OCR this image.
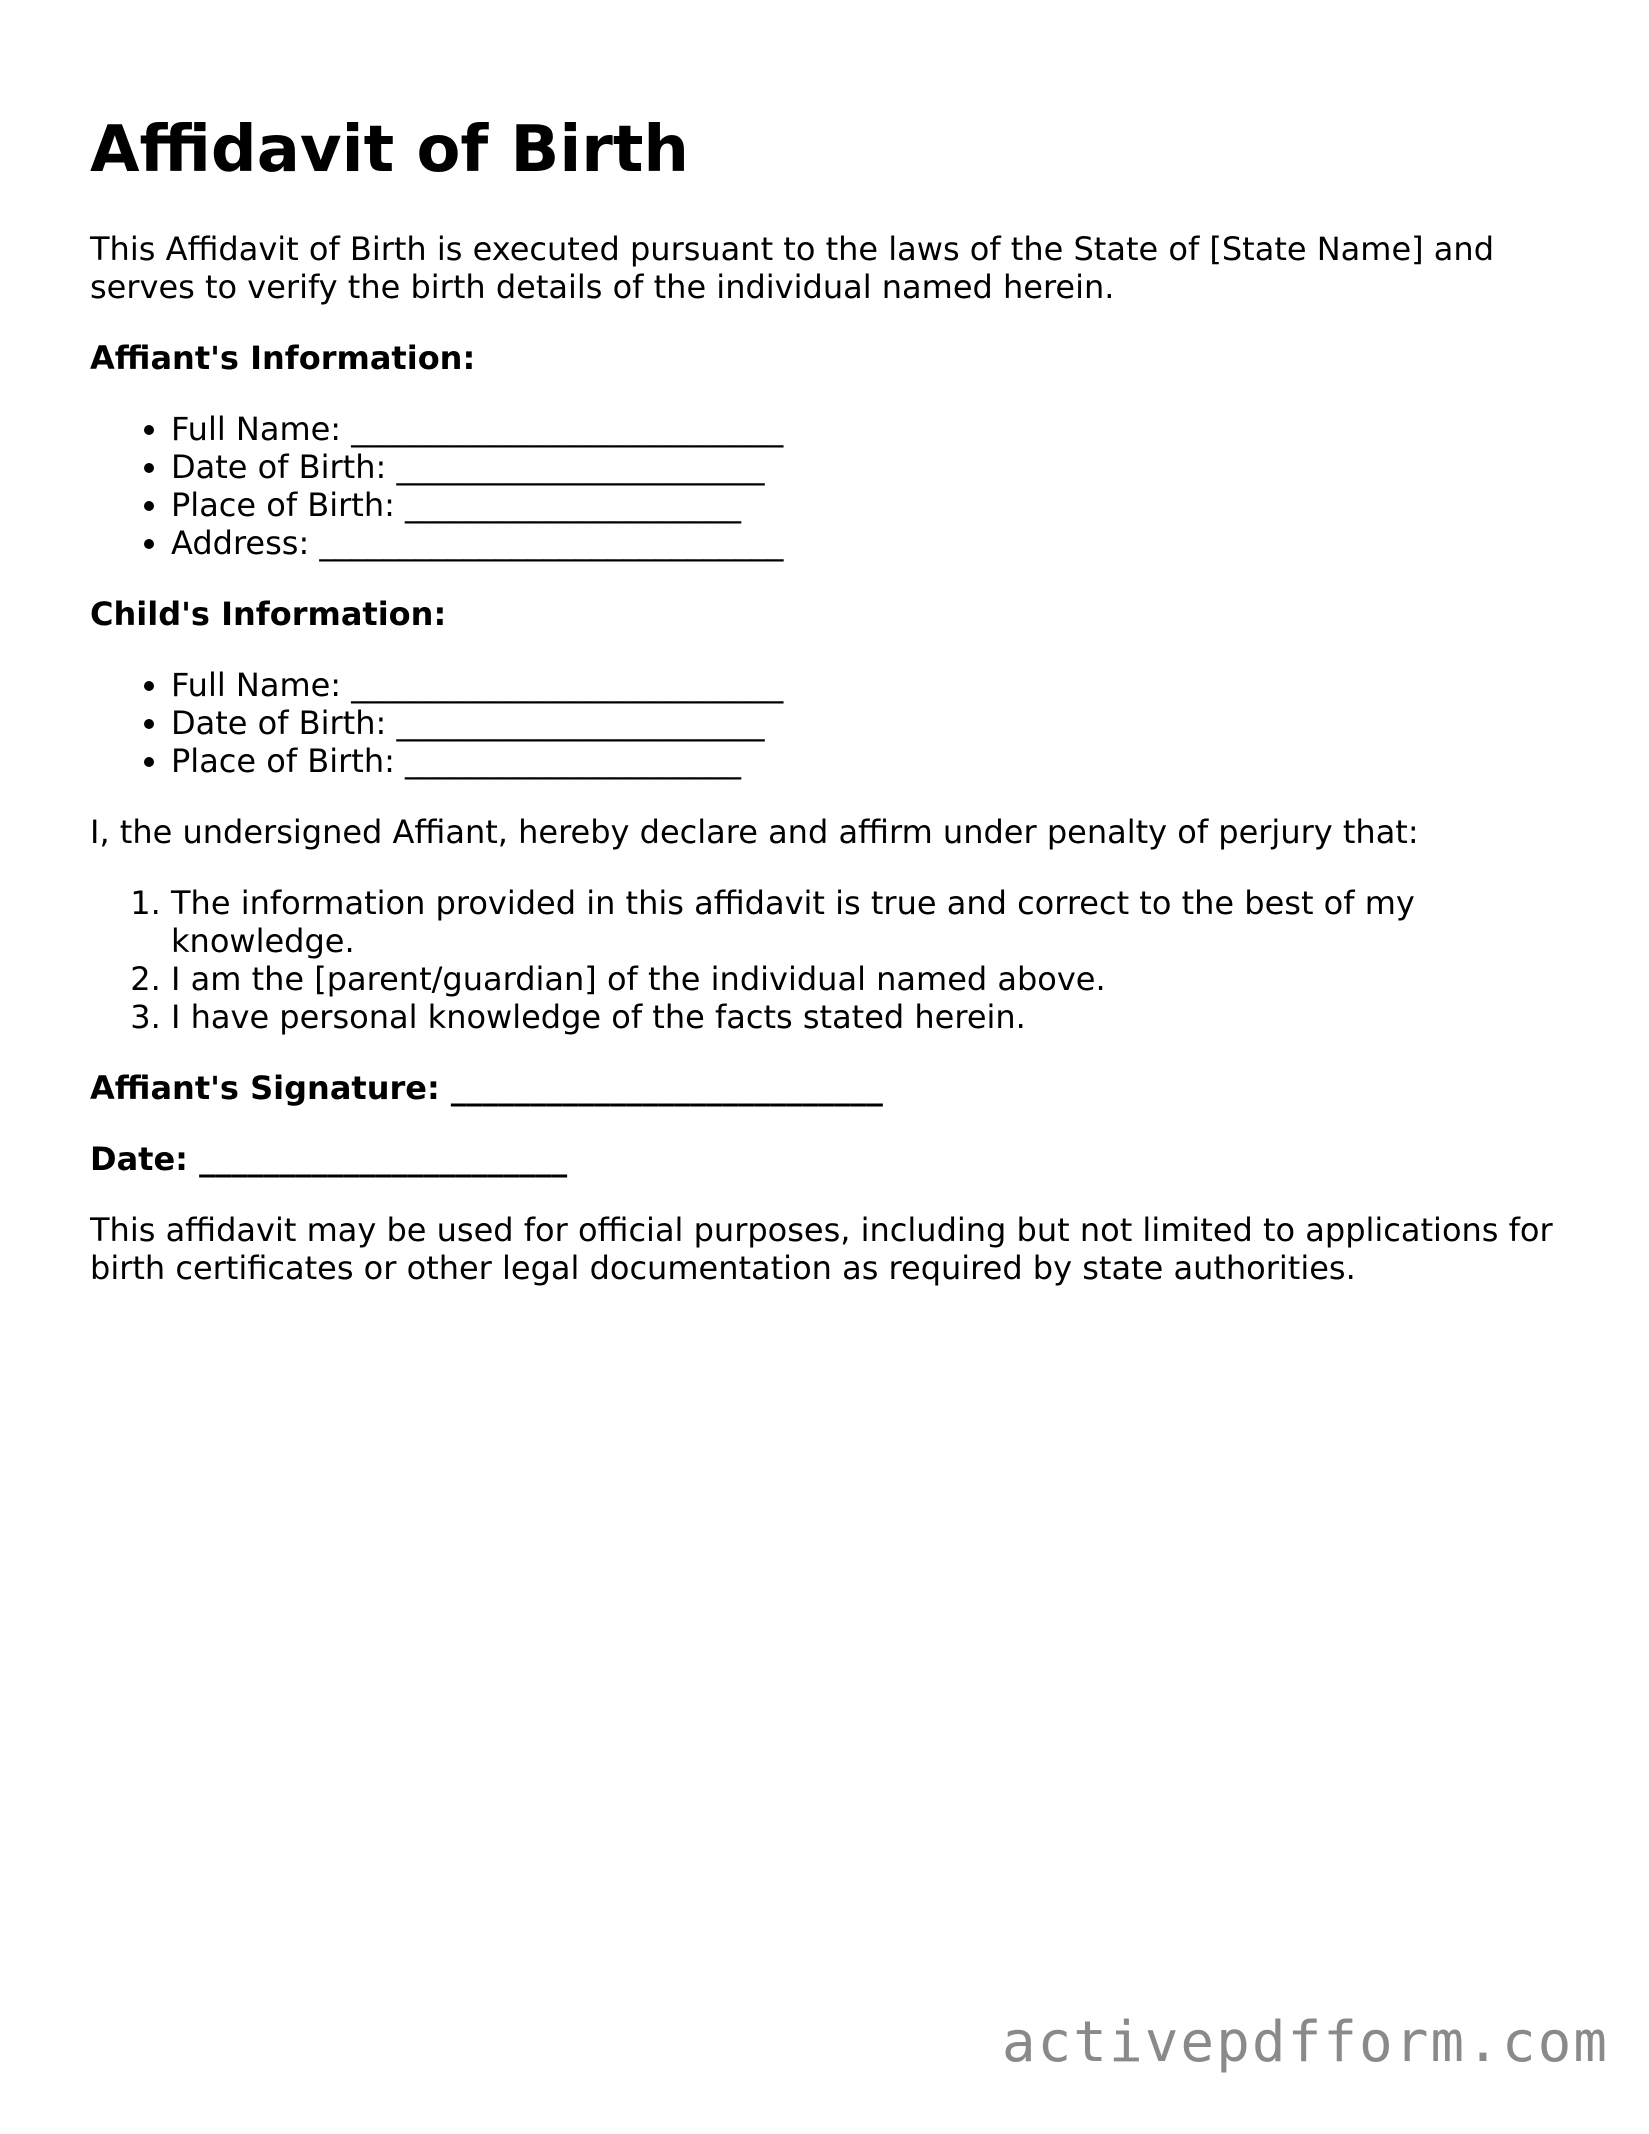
Affidavit of Birth

This Affidavit of Birth is executed pursuant to the laws of the State of [State Name] and serves to verify the birth details of the individual named herein.

Affiant's Information:
• Full Name: ___________________________
• Date of Birth: _______________________
• Place of Birth: _____________________
• Address: _____________________________
Child's Information:
• Full Name: ___________________________
• Date of Birth: _______________________
• Place of Birth: _____________________

I, the undersigned Affiant, hereby declare and affirm under penalty of perjury that:

1. The information provided in this affidavit is true and correct to the best of my knowledge.
2. I am the [parent/guardian] of the individual named above.
3. I have personal knowledge of the facts stated herein.
Affiant's Signature: ___________________________
Date: _______________________

This affidavit may be used for official purposes, including but not limited to applications for birth certificates or other legal documentation as required by state authorities.

activepdfform.com
